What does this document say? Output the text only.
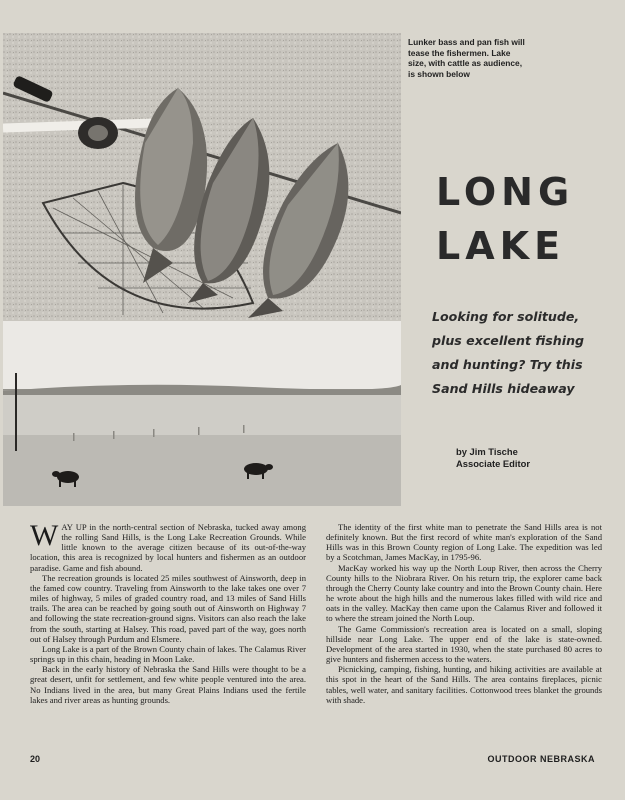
Lunker bass and pan fish will tease the fishermen. Lake size, with cattle as audience, is shown below
LONG
LAKE
Looking for solitude, plus excellent fishing and hunting? Try this Sand Hills hideaway
by Jim Tische
Associate Editor

WAY UP in the north-central section of Nebraska, tucked away among the rolling Sand Hills, is the Long Lake Recreation Grounds. While little known to the average citizen because of its out-of-the-way location, this area is recognized by local hunters and fishermen as an outdoor paradise. Game and fish abound.

The recreation grounds is located 25 miles southwest of Ainsworth, deep in the famed cow country. Traveling from Ainsworth to the lake takes one over 7 miles of highway, 5 miles of graded country road, and 13 miles of Sand Hills trails. The area can be reached by going south out of Ainsworth on Highway 7 and following the state recreation-ground signs. Visitors can also reach the lake from the south, starting at Halsey. This road, paved part of the way, goes north out of Halsey through Purdum and Elsmere.

Long Lake is a part of the Brown County chain of lakes. The Calamus River springs up in this chain, heading in Moon Lake.

Back in the early history of Nebraska the Sand Hills were thought to be a great desert, unfit for settlement, and few white people ventured into the area. No Indians lived in the area, but many Great Plains Indians used the fertile lakes and river areas as hunting grounds.

The identity of the first white man to penetrate the Sand Hills area is not definitely known. But the first record of white man's exploration of the Sand Hills was in this Brown County region of Long Lake. The expedition was led by a Scotchman, James MacKay, in 1795-96.

MacKay worked his way up the North Loup River, then across the Cherry County hills to the Niobrara River. On his return trip, the explorer came back through the Cherry County lake country and into the Brown County chain. Here he wrote about the high hills and the numerous lakes filled with wild rice and oats in the valley. MacKay then came upon the Calamus River and followed it to where the stream joined the North Loup.

The Game Commission's recreation area is located on a small, sloping hillside near Long Lake. The upper end of the lake is state-owned. Development of the area started in 1930, when the state purchased 80 acres to give hunters and fishermen access to the waters.

Picnicking, camping, fishing, hunting, and hiking activities are available at this spot in the heart of the Sand Hills. The area contains fireplaces, picnic tables, well water, and sanitary facilities. Cottonwood trees blanket the grounds with shade.

20	OUTDOOR NEBRASKA
